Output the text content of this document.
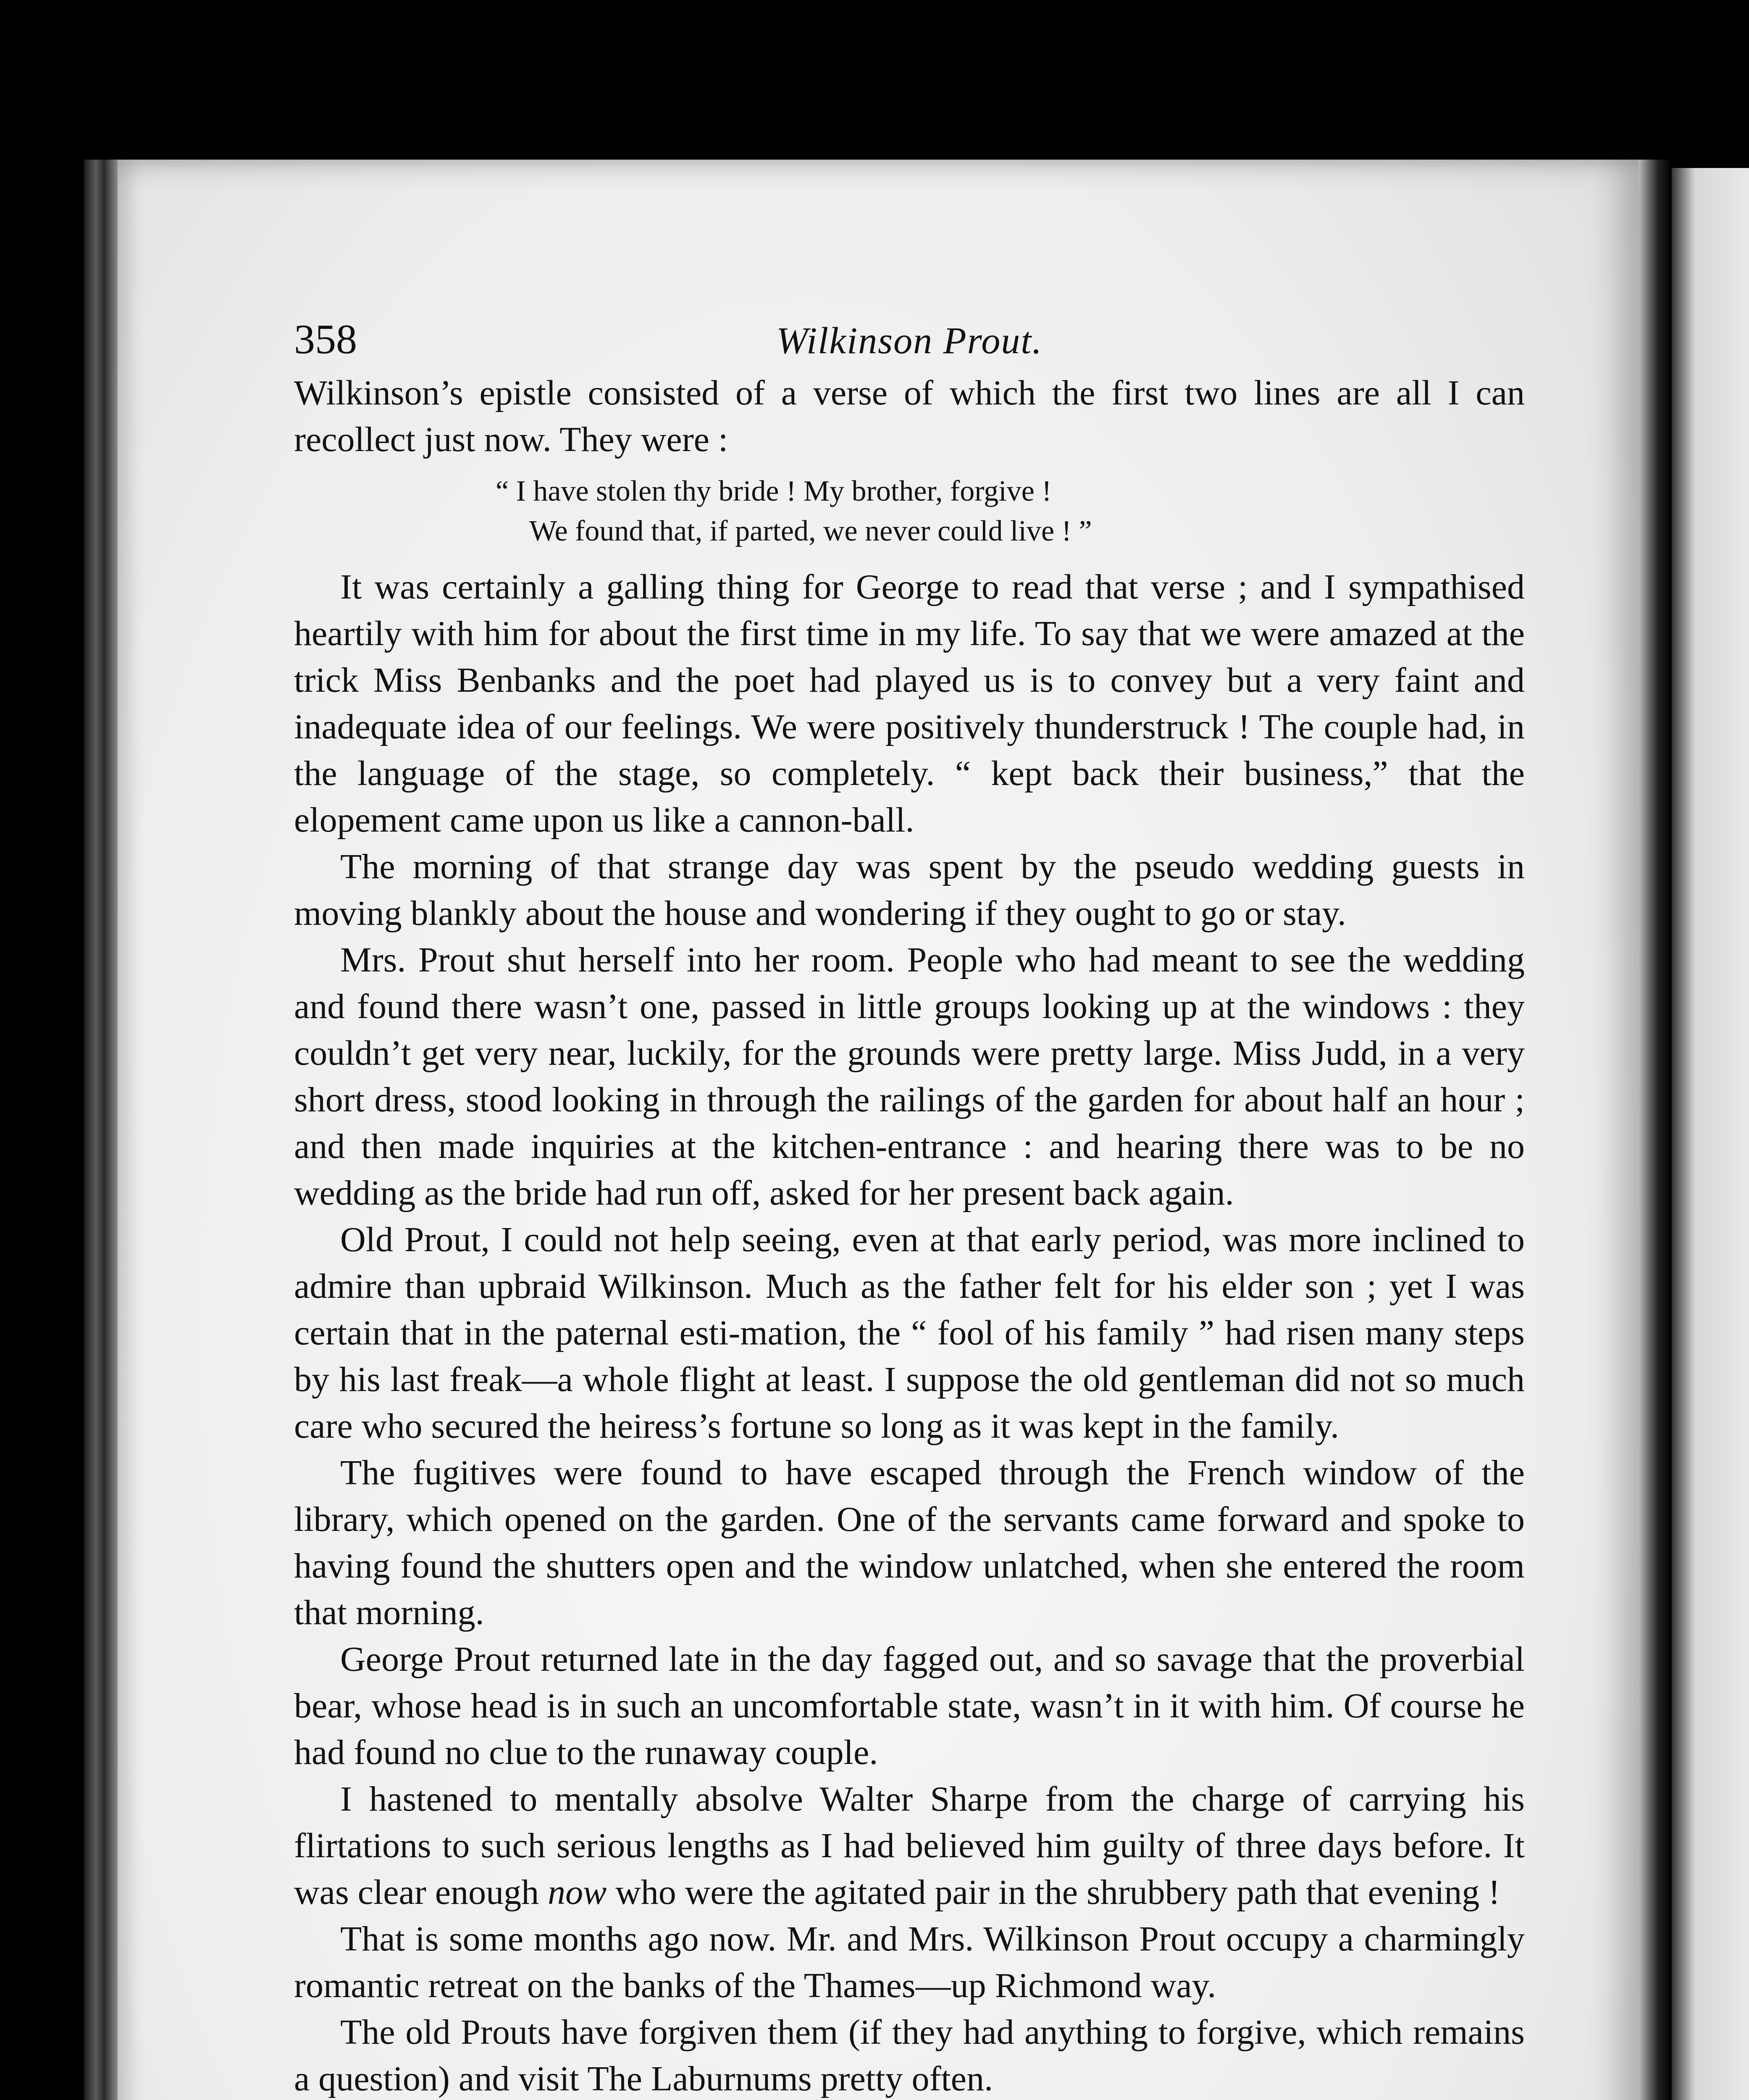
358	Wilkinson Prout.

Wilkinson’s epistle consisted of a verse of which the first two lines are all I can recollect just now. They were :

“ I have stolen thy bride ! My brother, forgive !
We found that, if parted, we never could live ! ”

It was certainly a galling thing for George to read that verse ; and I sympathised heartily with him for about the first time in my life. To say that we were amazed at the trick Miss Benbanks and the poet had played us is to convey but a very faint and inadequate idea of our feelings. We were positively thunderstruck ! The couple had, in the language of the stage, so completely. “ kept back their business,” that the elopement came upon us like a cannon-ball.

The morning of that strange day was spent by the pseudo wedding guests in moving blankly about the house and wondering if they ought to go or stay.

Mrs. Prout shut herself into her room. People who had meant to see the wedding and found there wasn’t one, passed in little groups looking up at the windows : they couldn’t get very near, luckily, for the grounds were pretty large. Miss Judd, in a very short dress, stood looking in through the railings of the garden for about half an hour ; and then made inquiries at the kitchen-entrance : and hearing there was to be no wedding as the bride had run off, asked for her present back again.

Old Prout, I could not help seeing, even at that early period, was more inclined to admire than upbraid Wilkinson. Much as the father felt for his elder son ; yet I was certain that in the paternal esti-mation, the “ fool of his family ” had risen many steps by his last freak—a whole flight at least. I suppose the old gentleman did not so much care who secured the heiress’s fortune so long as it was kept in the family.

The fugitives were found to have escaped through the French window of the library, which opened on the garden. One of the servants came forward and spoke to having found the shutters open and the window unlatched, when she entered the room that morning.

George Prout returned late in the day fagged out, and so savage that the proverbial bear, whose head is in such an uncomfortable state, wasn’t in it with him. Of course he had found no clue to the runaway couple.

I hastened to mentally absolve Walter Sharpe from the charge of carrying his flirtations to such serious lengths as I had believed him guilty of three days before. It was clear enough now who were the agitated pair in the shrubbery path that evening !

That is some months ago now. Mr. and Mrs. Wilkinson Prout occupy a charmingly romantic retreat on the banks of the Thames—up Richmond way.

The old Prouts have forgiven them (if they had anything to forgive, which remains a question) and visit The Laburnums pretty often.
